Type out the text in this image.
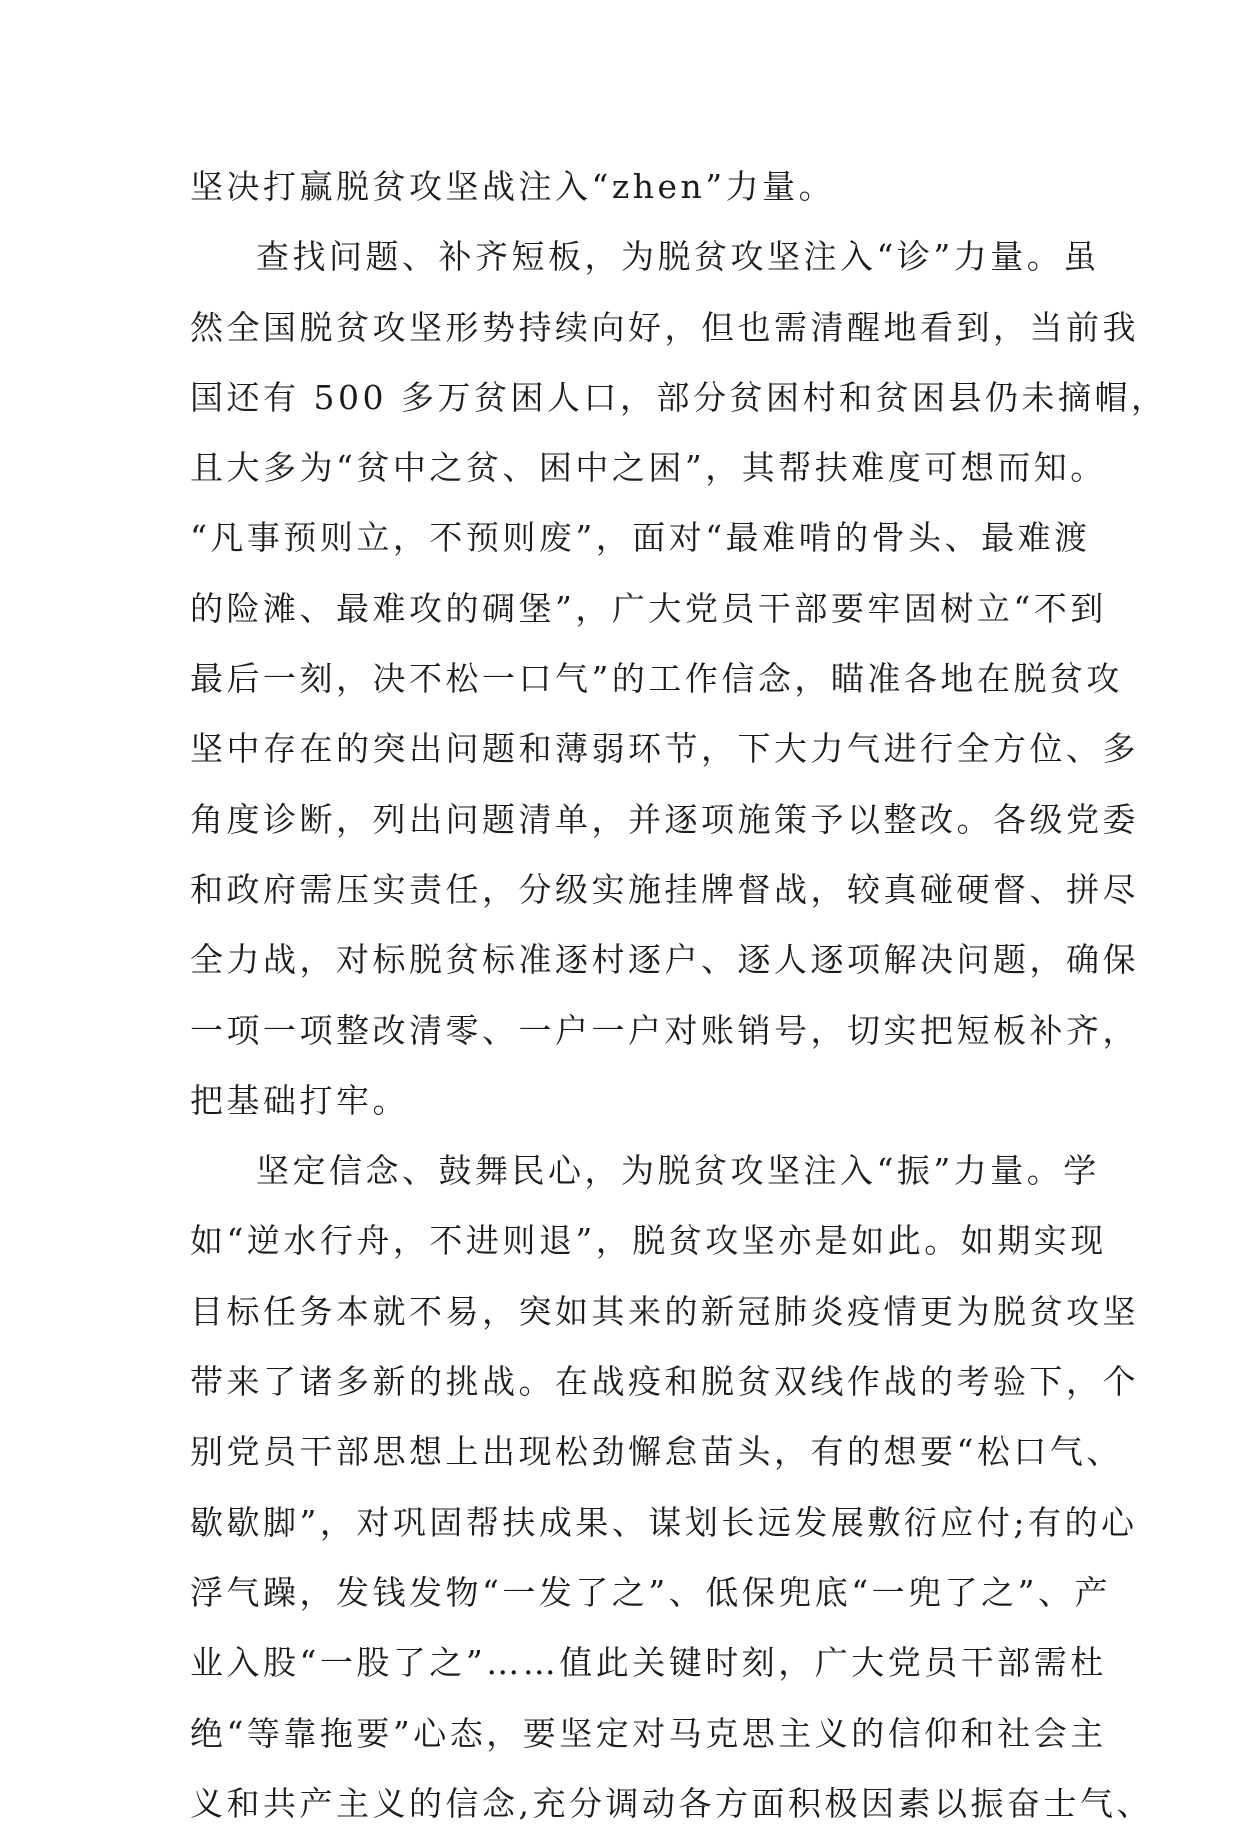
坚决打赢脱贫攻坚战注入“zhen”力量。
查找问题、补齐短板，为脱贫攻坚注入“诊”力量。虽
然全国脱贫攻坚形势持续向好，但也需清醒地看到，当前我
国还有 500 多万贫困人口，部分贫困村和贫困县仍未摘帽，
且大多为“贫中之贫、困中之困”，其帮扶难度可想而知。
“凡事预则立，不预则废”，面对“最难啃的骨头、最难渡
的险滩、最难攻的碉堡”，广大党员干部要牢固树立“不到
最后一刻，决不松一口气”的工作信念，瞄准各地在脱贫攻
坚中存在的突出问题和薄弱环节，下大力气进行全方位、多
角度诊断，列出问题清单，并逐项施策予以整改。各级党委
和政府需压实责任，分级实施挂牌督战，较真碰硬督、拼尽
全力战，对标脱贫标准逐村逐户、逐人逐项解决问题，确保
一项一项整改清零、一户一户对账销号，切实把短板补齐，
把基础打牢。
坚定信念、鼓舞民心，为脱贫攻坚注入“振”力量。学
如“逆水行舟，不进则退”，脱贫攻坚亦是如此。如期实现
目标任务本就不易，突如其来的新冠肺炎疫情更为脱贫攻坚
带来了诸多新的挑战。在战疫和脱贫双线作战的考验下，个
别党员干部思想上出现松劲懈怠苗头，有的想要“松口气、
歇歇脚”，对巩固帮扶成果、谋划长远发展敷衍应付;有的心
浮气躁，发钱发物“一发了之”、低保兜底“一兜了之”、产
业入股“一股了之”……值此关键时刻，广大党员干部需杜
绝“等靠拖要”心态，要坚定对马克思主义的信仰和社会主
义和共产主义的信念,充分调动各方面积极因素以振奋士气、
